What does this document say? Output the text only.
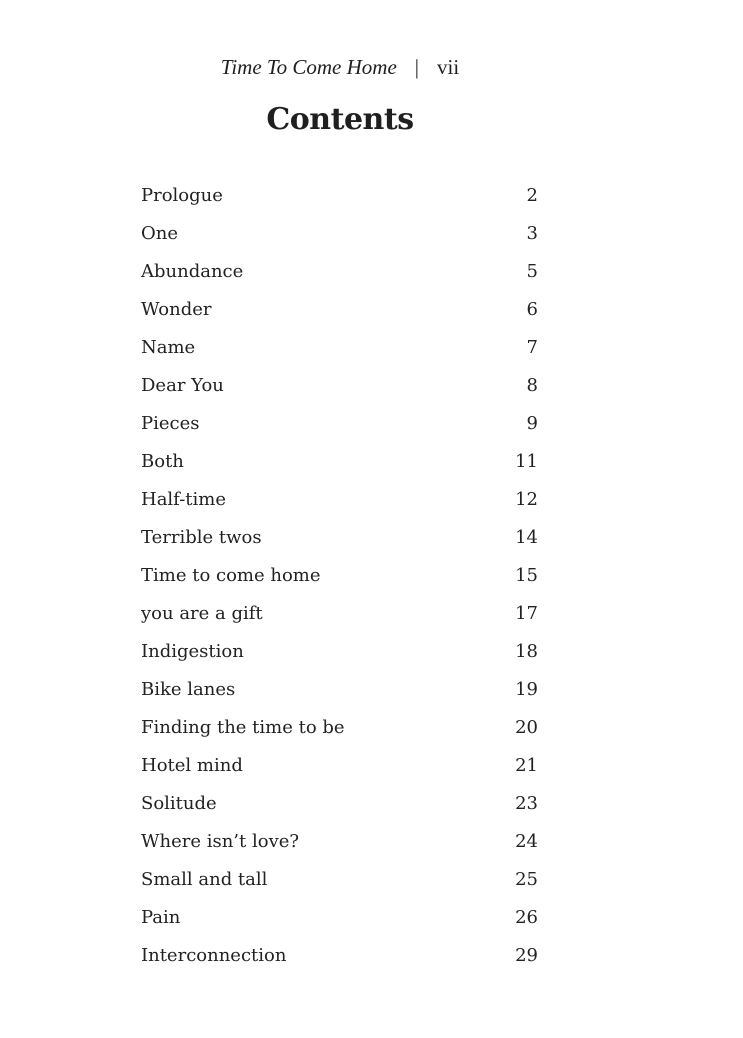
Time To Come Home | vii
Contents
Prologue	2
One	3
Abundance	5
Wonder	6
Name	7
Dear You	8
Pieces	9
Both	11
Half-time	12
Terrible twos	14
Time to come home	15
you are a gift	17
Indigestion	18
Bike lanes	19
Finding the time to be	20
Hotel mind	21
Solitude	23
Where isn’t love?	24
Small and tall	25
Pain	26
Interconnection	29
